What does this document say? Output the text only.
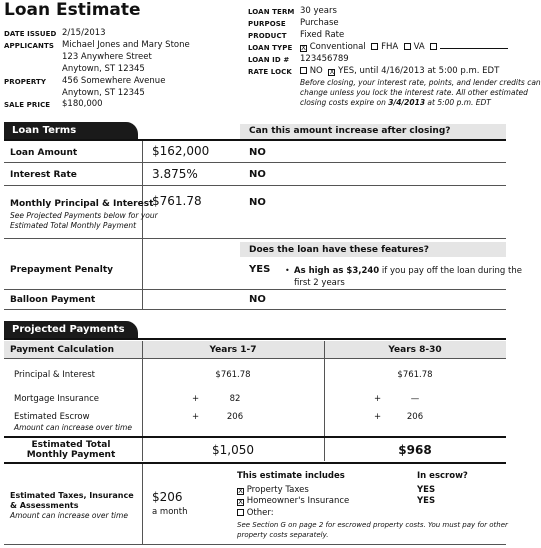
Loan Estimate
DATE ISSUED 2/15/2013
APPLICANTS Michael Jones and Mary Stone
123 Anywhere Street
Anytown, ST 12345
PROPERTY 456 Somewhere Avenue
Anytown, ST 12345
SALE PRICE $180,000
LOAN TERM 30 years
PURPOSE Purchase
PRODUCT Fixed Rate
LOAN TYPE X Conventional FHA VA
LOAN ID # 123456789
RATE LOCK	NO X YES, until 4/16/2013 at 5:00 p.m. EDT
Before closing, your interest rate, points, and lender credits can
change unless you lock the interest rate. All other estimated
closing costs expire on 3/4/2013 at 5:00 p.m. EDT
Loan Terms	Can this amount increase after closing?
Loan Amount	$162,000	NO
Interest Rate	3.875%	NO
Monthly Principal & Interest
See Projected Payments below for your
Estimated Total Monthly Payment
$761.78	NO
Does the loan have these features?
Prepayment Penalty	YES • As high as $3,240 if you pay off the loan during the
first 2 years
Balloon Payment	NO
Projected Payments
Payment Calculation	Years 1-7	Years 8-30
Principal & Interest	$761.78	$761.78
Mortgage Insurance	+	82	+	—
Estimated Escrow
Amount can increase over time
+	206	+	206
Estimated Total
Monthly Payment	$1,050	$968
Estimated Taxes, Insurance
& Assessments
Amount can increase over time
$206
a month
This estimate includes	In escrow?
X Property Taxes	YES
X Homeowner's Insurance	YES
Other:
See Section G on page 2 for escrowed property costs. You must pay for other
property costs separately.
